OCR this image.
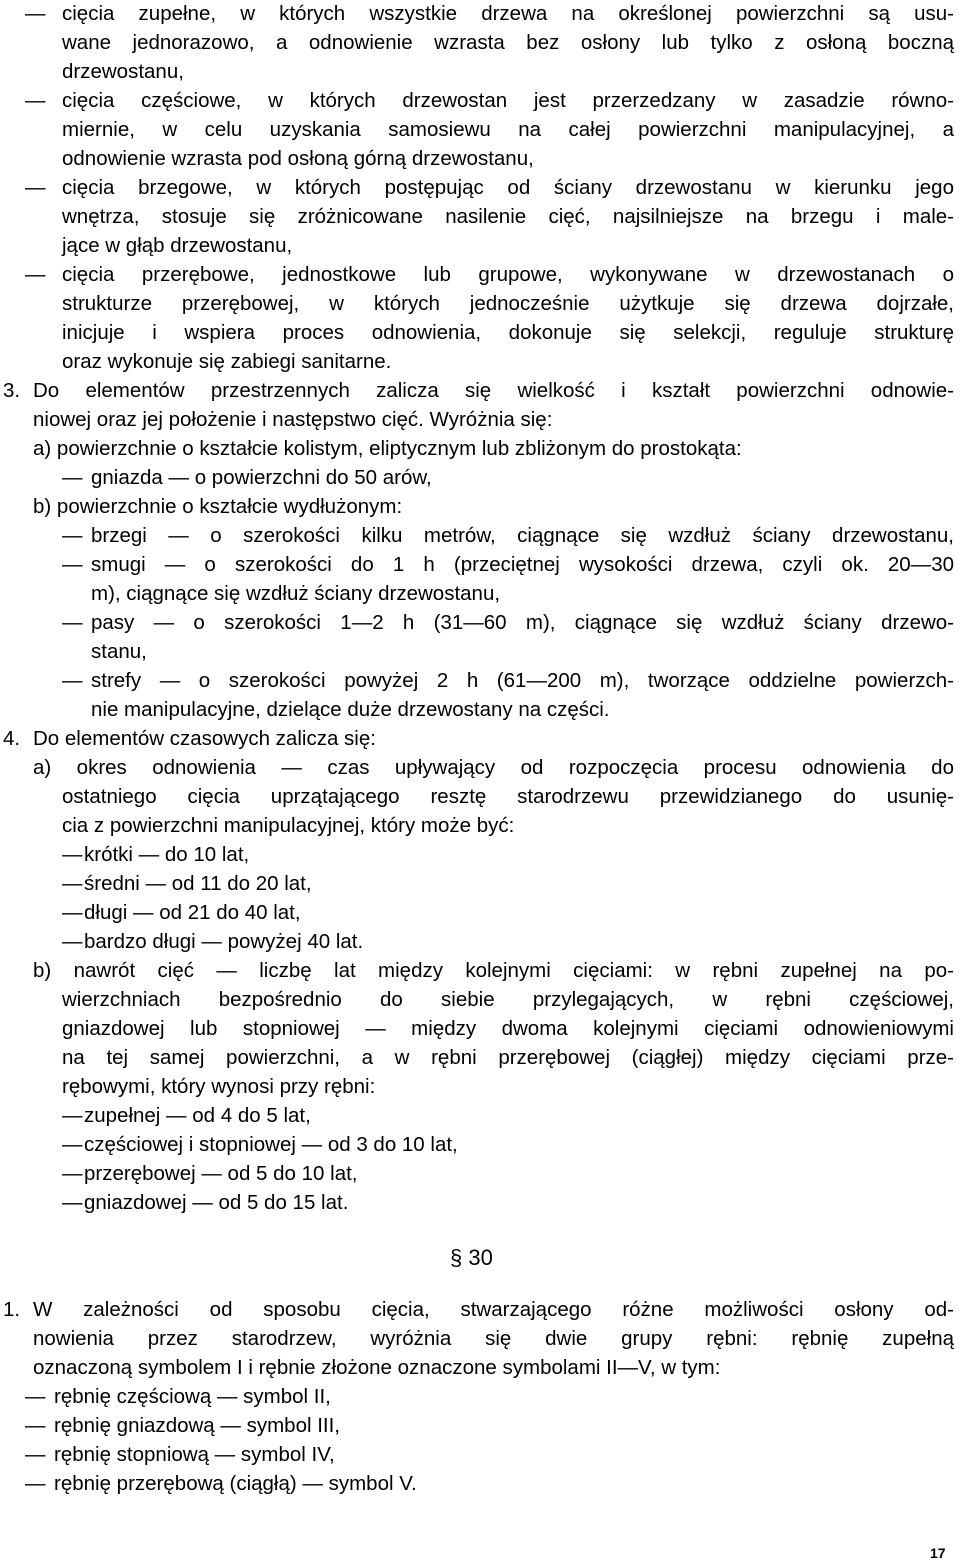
—
—
—
—
cięcia zupełne, w których wszystkie drzewa na określonej powierzchni są usu-
wane jednorazowo, a odnowienie wzrasta bez osłony lub tylko z osłoną boczną
drzewostanu,
cięcia częściowe, w których drzewostan jest przerzedzany w zasadzie równo-
miernie, w celu uzyskania samosiewu na całej powierzchni manipulacyjnej, a
odnowienie wzrasta pod osłoną górną drzewostanu,
cięcia brzegowe, w których postępując od ściany drzewostanu w kierunku jego
wnętrza, stosuje się zróżnicowane nasilenie cięć, najsilniejsze na brzegu i male-
jące w głąb drzewostanu,
cięcia przerębowe, jednostkowe lub grupowe, wykonywane w drzewostanach o
strukturze przerębowej, w których jednocześnie użytkuje się drzewa dojrzałe,
inicjuje i wspiera proces odnowienia, dokonuje się selekcji, reguluje strukturę
oraz wykonuje się zabiegi sanitarne.
3. Do elementów przestrzennych zalicza się wielkość i kształt powierzchni odnowie-
niowej oraz jej położenie i następstwo cięć. Wyróżnia się:
a) powierzchnie o kształcie kolistym, eliptycznym lub zbliżonym do prostokąta:
— gniazda — o powierzchni do 50 arów,
b) powierzchnie o kształcie wydłużonym:
— brzegi — o szerokości kilku metrów, ciągnące się wzdłuż ściany drzewostanu,
— smugi — o szerokości do 1 h (przeciętnej wysokości drzewa, czyli ok. 20—30
m), ciągnące się wzdłuż ściany drzewostanu,
— pasy — o szerokości 1—2 h (31—60 m), ciągnące się wzdłuż ściany drzewo-
stanu,
— strefy — o szerokości powyżej 2 h (61—200 m), tworzące oddzielne powierzch-
nie manipulacyjne, dzielące duże drzewostany na części.
4. Do elementów czasowych zalicza się:
a) okres odnowienia — czas upływający od rozpoczęcia procesu odnowienia do
ostatniego cięcia uprzątającego resztę starodrzewu przewidzianego do usunię-
cia z powierzchni manipulacyjnej, który może być:
— krótki — do 10 lat,
— średni — od 11 do 20 lat,
— długi — od 21 do 40 lat,
— bardzo długi — powyżej 40 lat.
b) nawrót cięć — liczbę lat między kolejnymi cięciami: w rębni zupełnej na po-
wierzchniach bezpośrednio do siebie przylegających, w rębni częściowej,
gniazdowej lub stopniowej — między dwoma kolejnymi cięciami odnowieniowymi
na tej samej powierzchni, a w rębni przerębowej (ciągłej) między cięciami prze-
rębowymi, który wynosi przy rębni:
— zupełnej — od 4 do 5 lat,
— częściowej i stopniowej — od 3 do 10 lat,
— przerębowej — od 5 do 10 lat,
— gniazdowej — od 5 do 15 lat.
§ 30
1. W zależności od sposobu cięcia, stwarzającego różne możliwości osłony od-
nowienia przez starodrzew, wyróżnia się dwie grupy rębni: rębnię zupełną
oznaczoną symbolem I i rębnie złożone oznaczone symbolami II—V, w tym:
— rębnię częściową — symbol II,
— rębnię gniazdową — symbol III,
— rębnię stopniową — symbol IV,
— rębnię przerębową (ciągłą) — symbol V.
17
